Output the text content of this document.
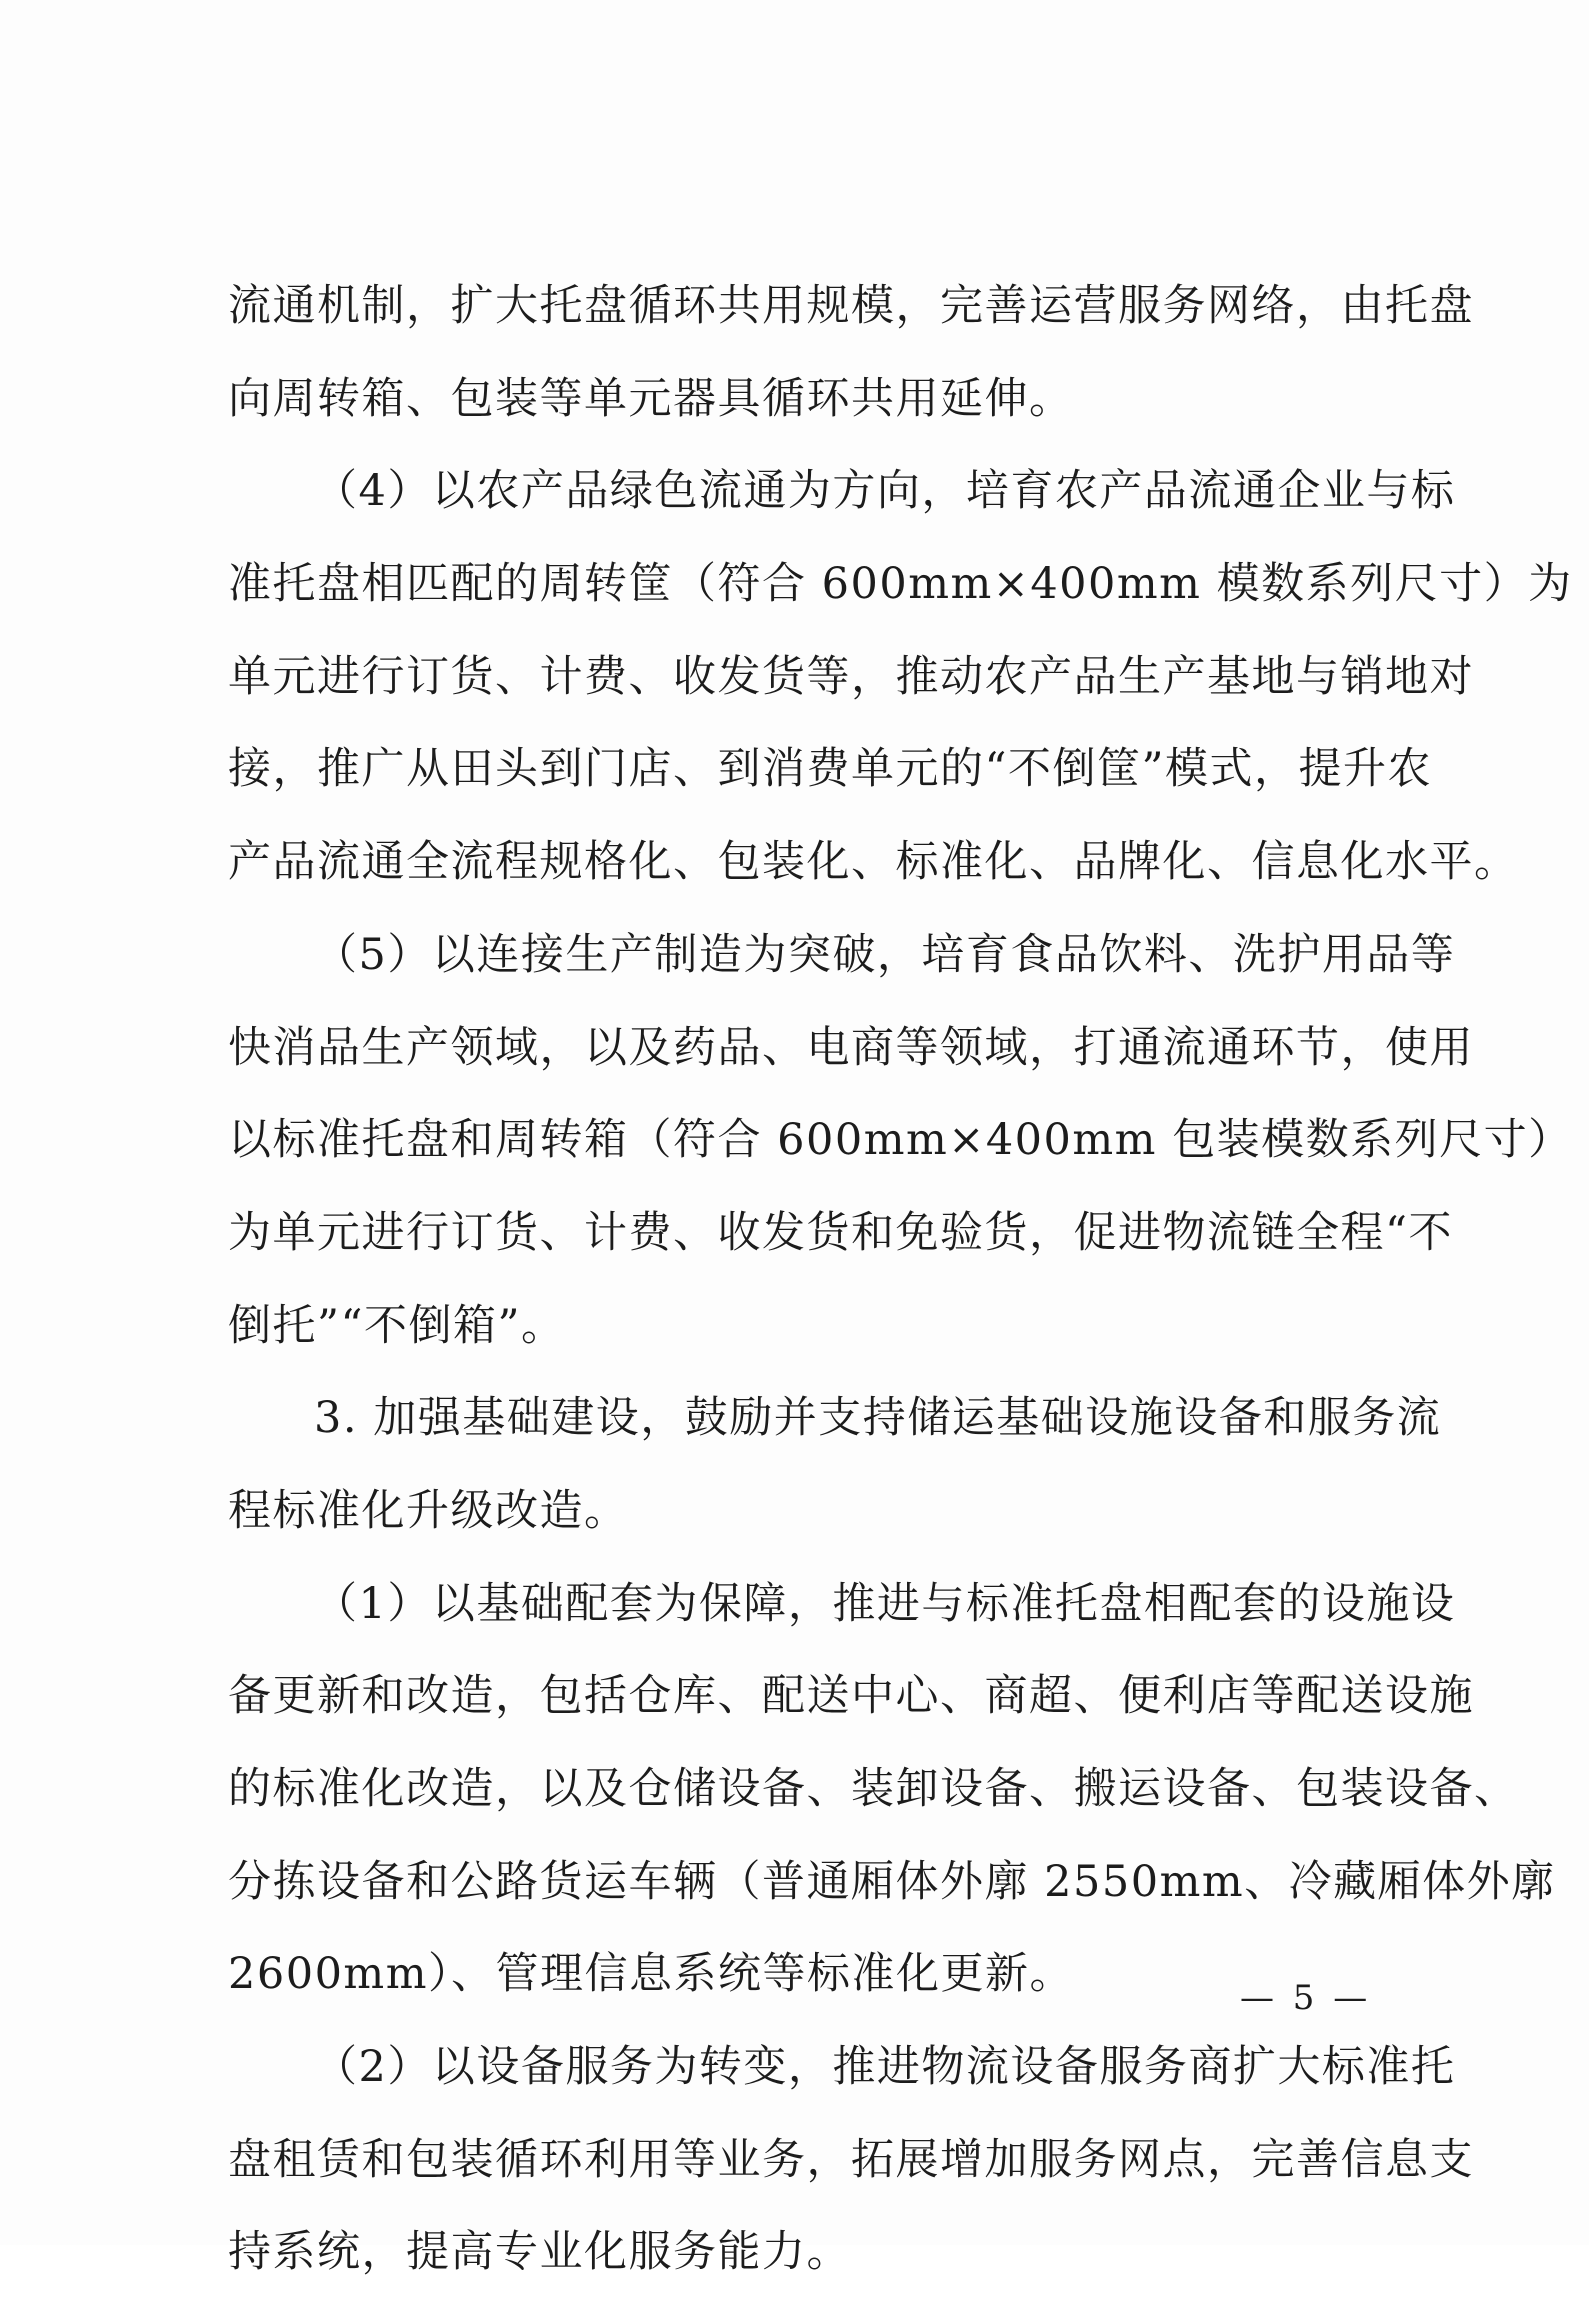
流通机制，扩大托盘循环共用规模，完善运营服务网络，由托盘
向周转箱、包装等单元器具循环共用延伸。
（4）以农产品绿色流通为方向，培育农产品流通企业与标
准托盘相匹配的周转筐（符合 600mm×400mm 模数系列尺寸）为
单元进行订货、计费、收发货等，推动农产品生产基地与销地对
接，推广从田头到门店、到消费单元的“不倒筐”模式，提升农
产品流通全流程规格化、包装化、标准化、品牌化、信息化水平。
（5）以连接生产制造为突破，培育食品饮料、洗护用品等
快消品生产领域，以及药品、电商等领域，打通流通环节，使用
以标准托盘和周转箱（符合 600mm×400mm 包装模数系列尺寸）
为单元进行订货、计费、收发货和免验货，促进物流链全程“不
倒托”“不倒箱”。
3. 加强基础建设，鼓励并支持储运基础设施设备和服务流
程标准化升级改造。
（1）以基础配套为保障，推进与标准托盘相配套的设施设
备更新和改造，包括仓库、配送中心、商超、便利店等配送设施
的标准化改造，以及仓储设备、装卸设备、搬运设备、包装设备、
分拣设备和公路货运车辆（普通厢体外廓 2550mm、冷藏厢体外廓
2600mm）、管理信息系统等标准化更新。
（2）以设备服务为转变，推进物流设备服务商扩大标准托
盘租赁和包装循环利用等业务，拓展增加服务网点，完善信息支
持系统，提高专业化服务能力。
— 5 —
